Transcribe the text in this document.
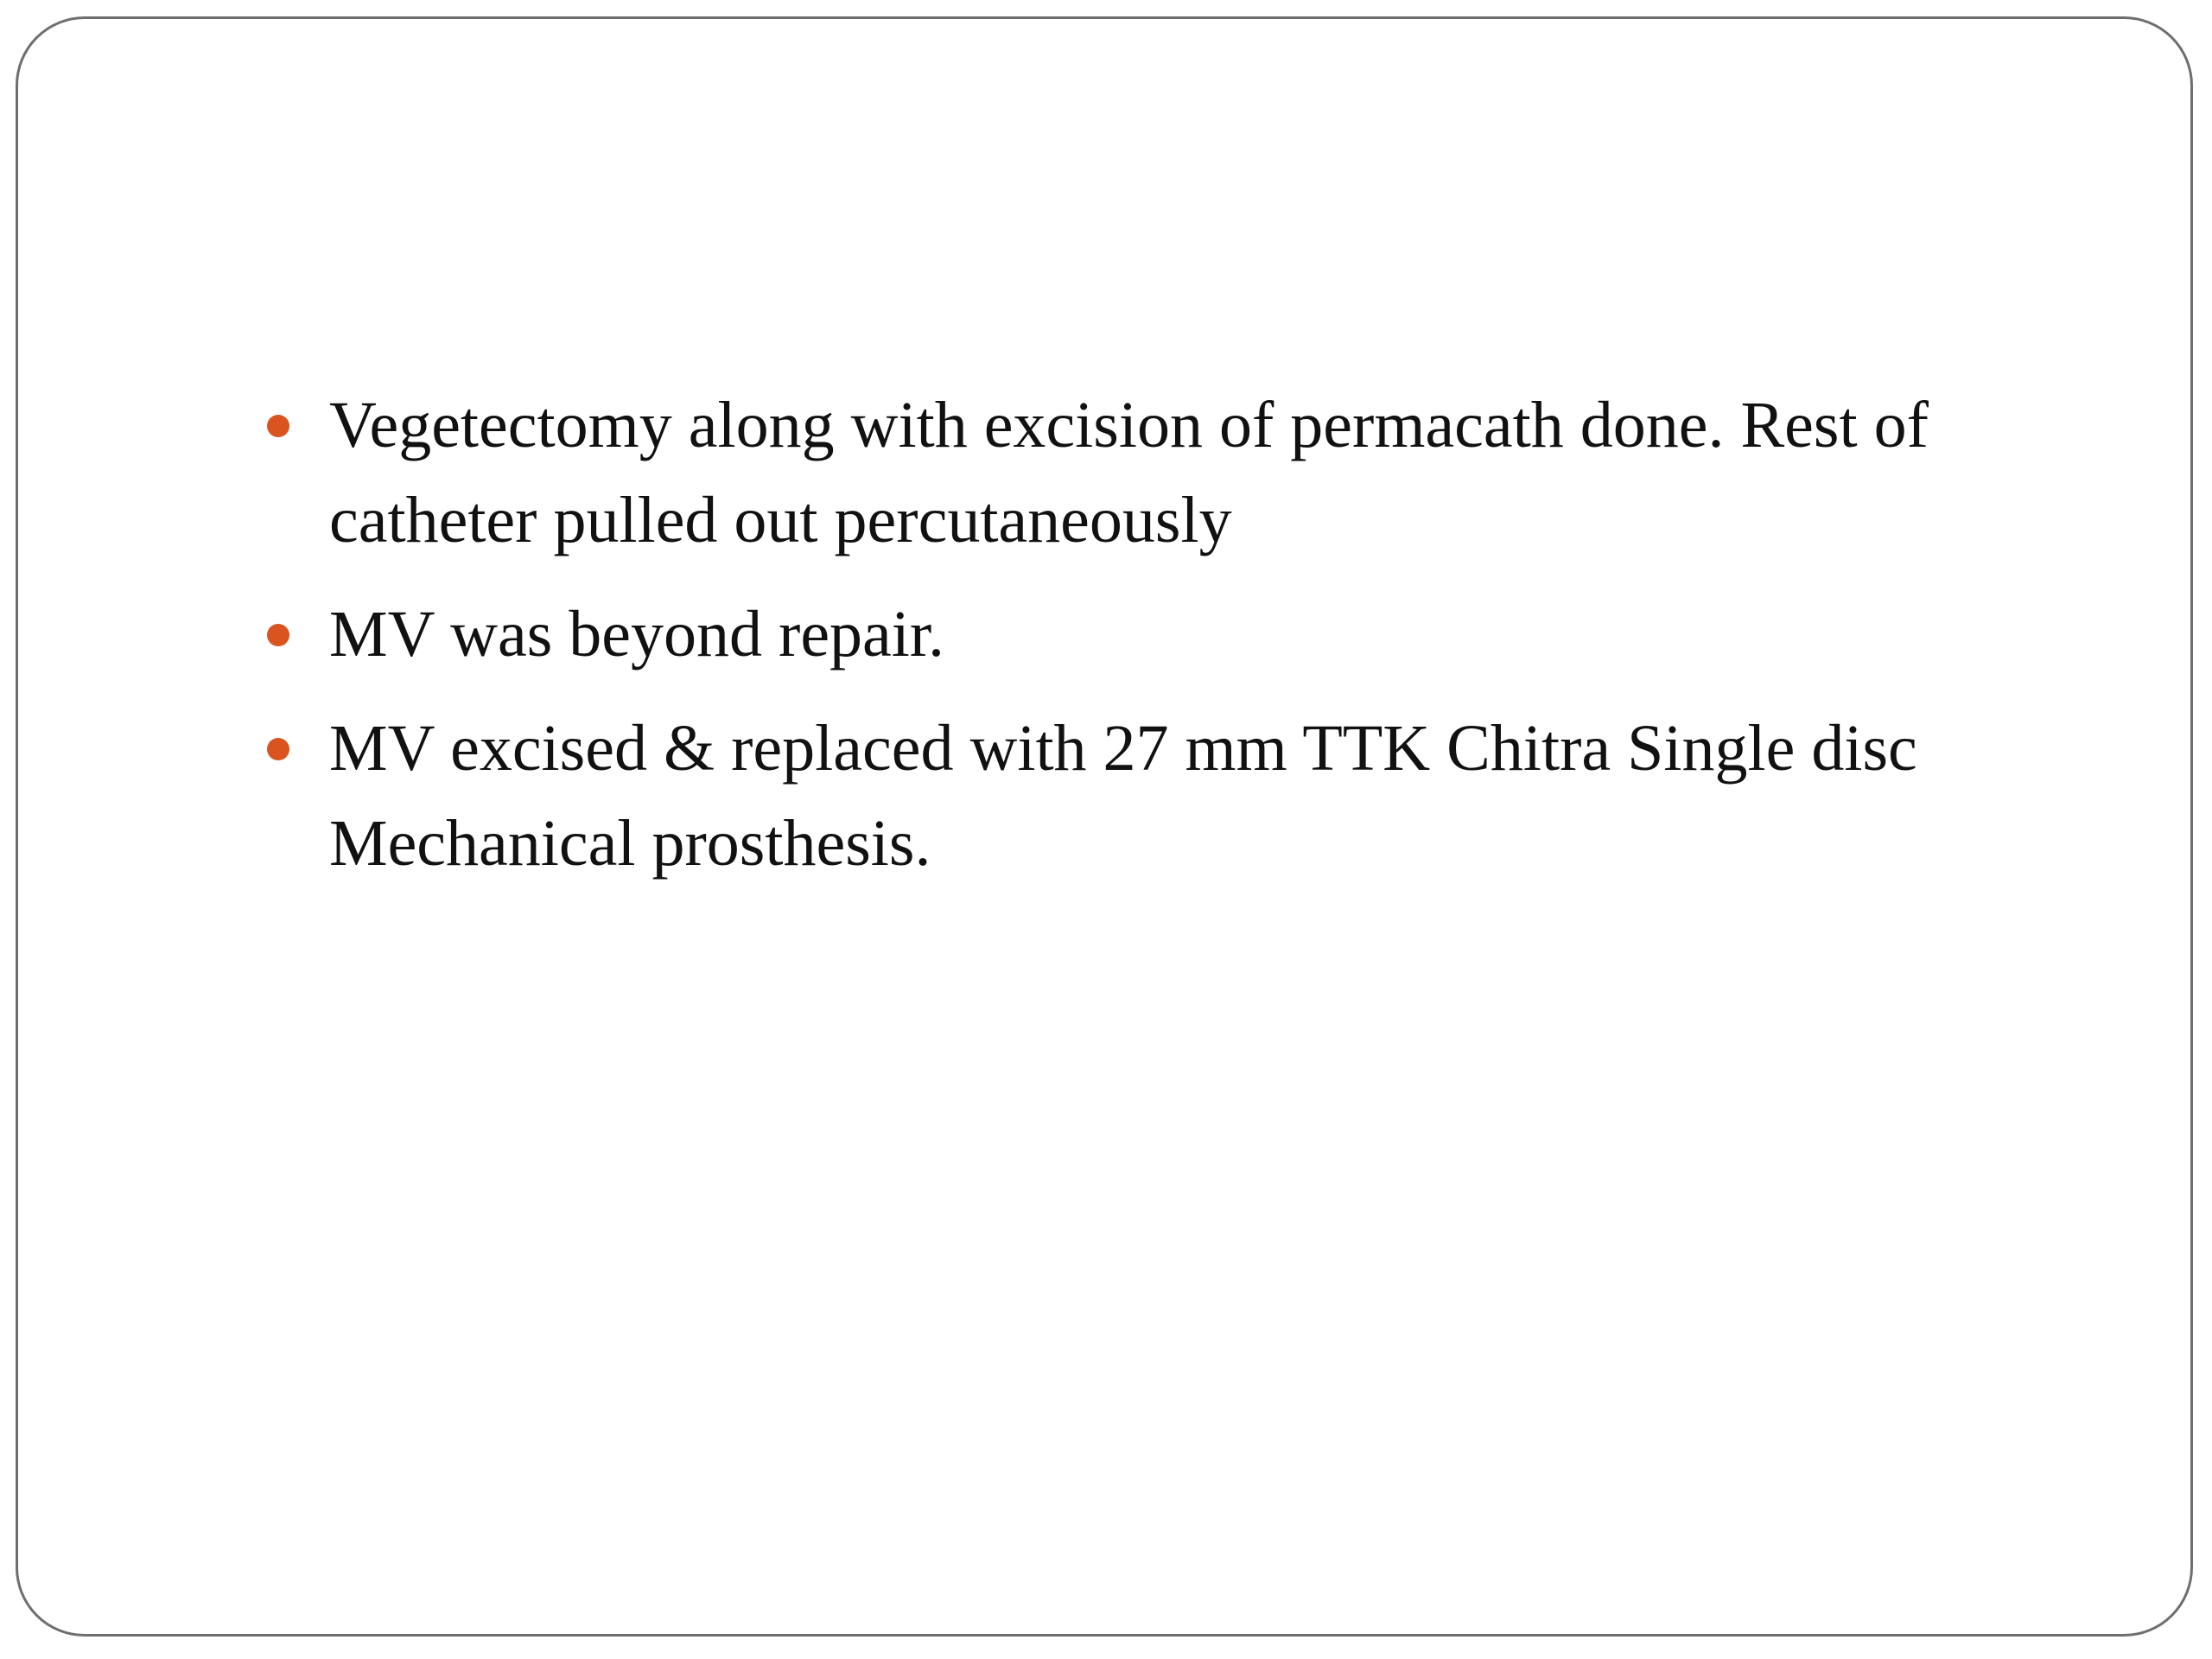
Vegetectomy along with excision of permacath done. Rest of catheter pulled out percutaneously
MV was beyond repair.
MV excised & replaced with 27 mm TTK Chitra Single disc Mechanical prosthesis.
